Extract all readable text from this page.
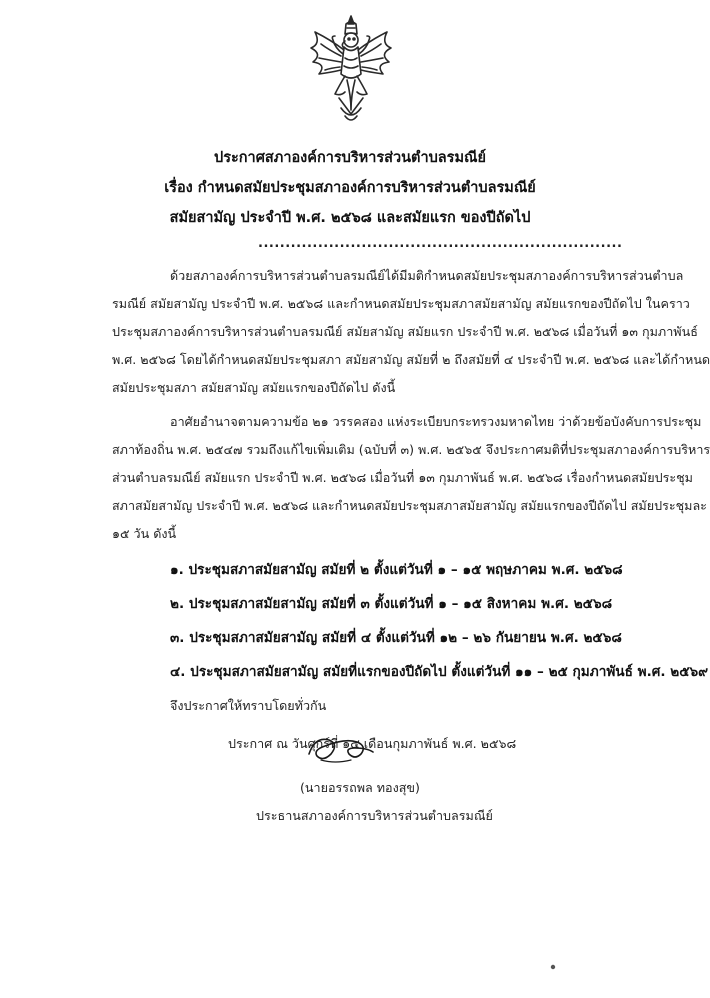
ประกาศสภาองค์การบริหารส่วนตำบลรมณีย์
เรื่อง กำหนดสมัยประชุมสภาองค์การบริหารส่วนตำบลรมณีย์
สมัยสามัญ ประจำปี พ.ศ. ๒๕๖๘ และสมัยแรก ของปีถัดไป
...................................................................
ด้วยสภาองค์การบริหารส่วนตำบลรมณีย์ได้มีมติกำหนดสมัยประชุมสภาองค์การบริหารส่วนตำบล
รมณีย์ สมัยสามัญ ประจำปี พ.ศ. ๒๕๖๘ และกำหนดสมัยประชุมสภาสมัยสามัญ สมัยแรกของปีถัดไป ในคราว
ประชุมสภาองค์การบริหารส่วนตำบลรมณีย์ สมัยสามัญ สมัยแรก ประจำปี พ.ศ. ๒๕๖๘ เมื่อวันที่ ๑๓ กุมภาพันธ์
พ.ศ. ๒๕๖๘ โดยได้กำหนดสมัยประชุมสภา สมัยสามัญ สมัยที่ ๒ ถึงสมัยที่ ๔ ประจำปี พ.ศ. ๒๕๖๘ และได้กำหนด
สมัยประชุมสภา สมัยสามัญ สมัยแรกของปีถัดไป ดังนี้
อาศัยอำนาจตามความข้อ ๒๑ วรรคสอง แห่งระเบียบกระทรวงมหาดไทย ว่าด้วยข้อบังคับการประชุม
สภาท้องถิ่น พ.ศ. ๒๕๔๗ รวมถึงแก้ไขเพิ่มเติม (ฉบับที่ ๓) พ.ศ. ๒๕๖๕ จึงประกาศมติที่ประชุมสภาองค์การบริหาร
ส่วนตำบลรมณีย์ สมัยแรก ประจำปี พ.ศ. ๒๕๖๘ เมื่อวันที่ ๑๓ กุมภาพันธ์ พ.ศ. ๒๕๖๘ เรื่องกำหนดสมัยประชุม
สภาสมัยสามัญ ประจำปี พ.ศ. ๒๕๖๘ และกำหนดสมัยประชุมสภาสมัยสามัญ สมัยแรกของปีถัดไป สมัยประชุมละ
๑๕ วัน ดังนี้
๑. ประชุมสภาสมัยสามัญ สมัยที่ ๒ ตั้งแต่วันที่ ๑ – ๑๕ พฤษภาคม พ.ศ. ๒๕๖๘
๒. ประชุมสภาสมัยสามัญ สมัยที่ ๓ ตั้งแต่วันที่ ๑ – ๑๕ สิงหาคม พ.ศ. ๒๕๖๘
๓. ประชุมสภาสมัยสามัญ สมัยที่ ๔ ตั้งแต่วันที่ ๑๒ – ๒๖ กันยายน พ.ศ. ๒๕๖๘
๔. ประชุมสภาสมัยสามัญ สมัยที่แรกของปีถัดไป ตั้งแต่วันที่ ๑๑ – ๒๕ กุมภาพันธ์ พ.ศ. ๒๕๖๙
จึงประกาศให้ทราบโดยทั่วกัน
ประกาศ ณ วันศุกร์ที่ ๑๔ เดือนกุมภาพันธ์ พ.ศ. ๒๕๖๘
(นายอรรถพล ทองสุข)
ประธานสภาองค์การบริหารส่วนตำบลรมณีย์
